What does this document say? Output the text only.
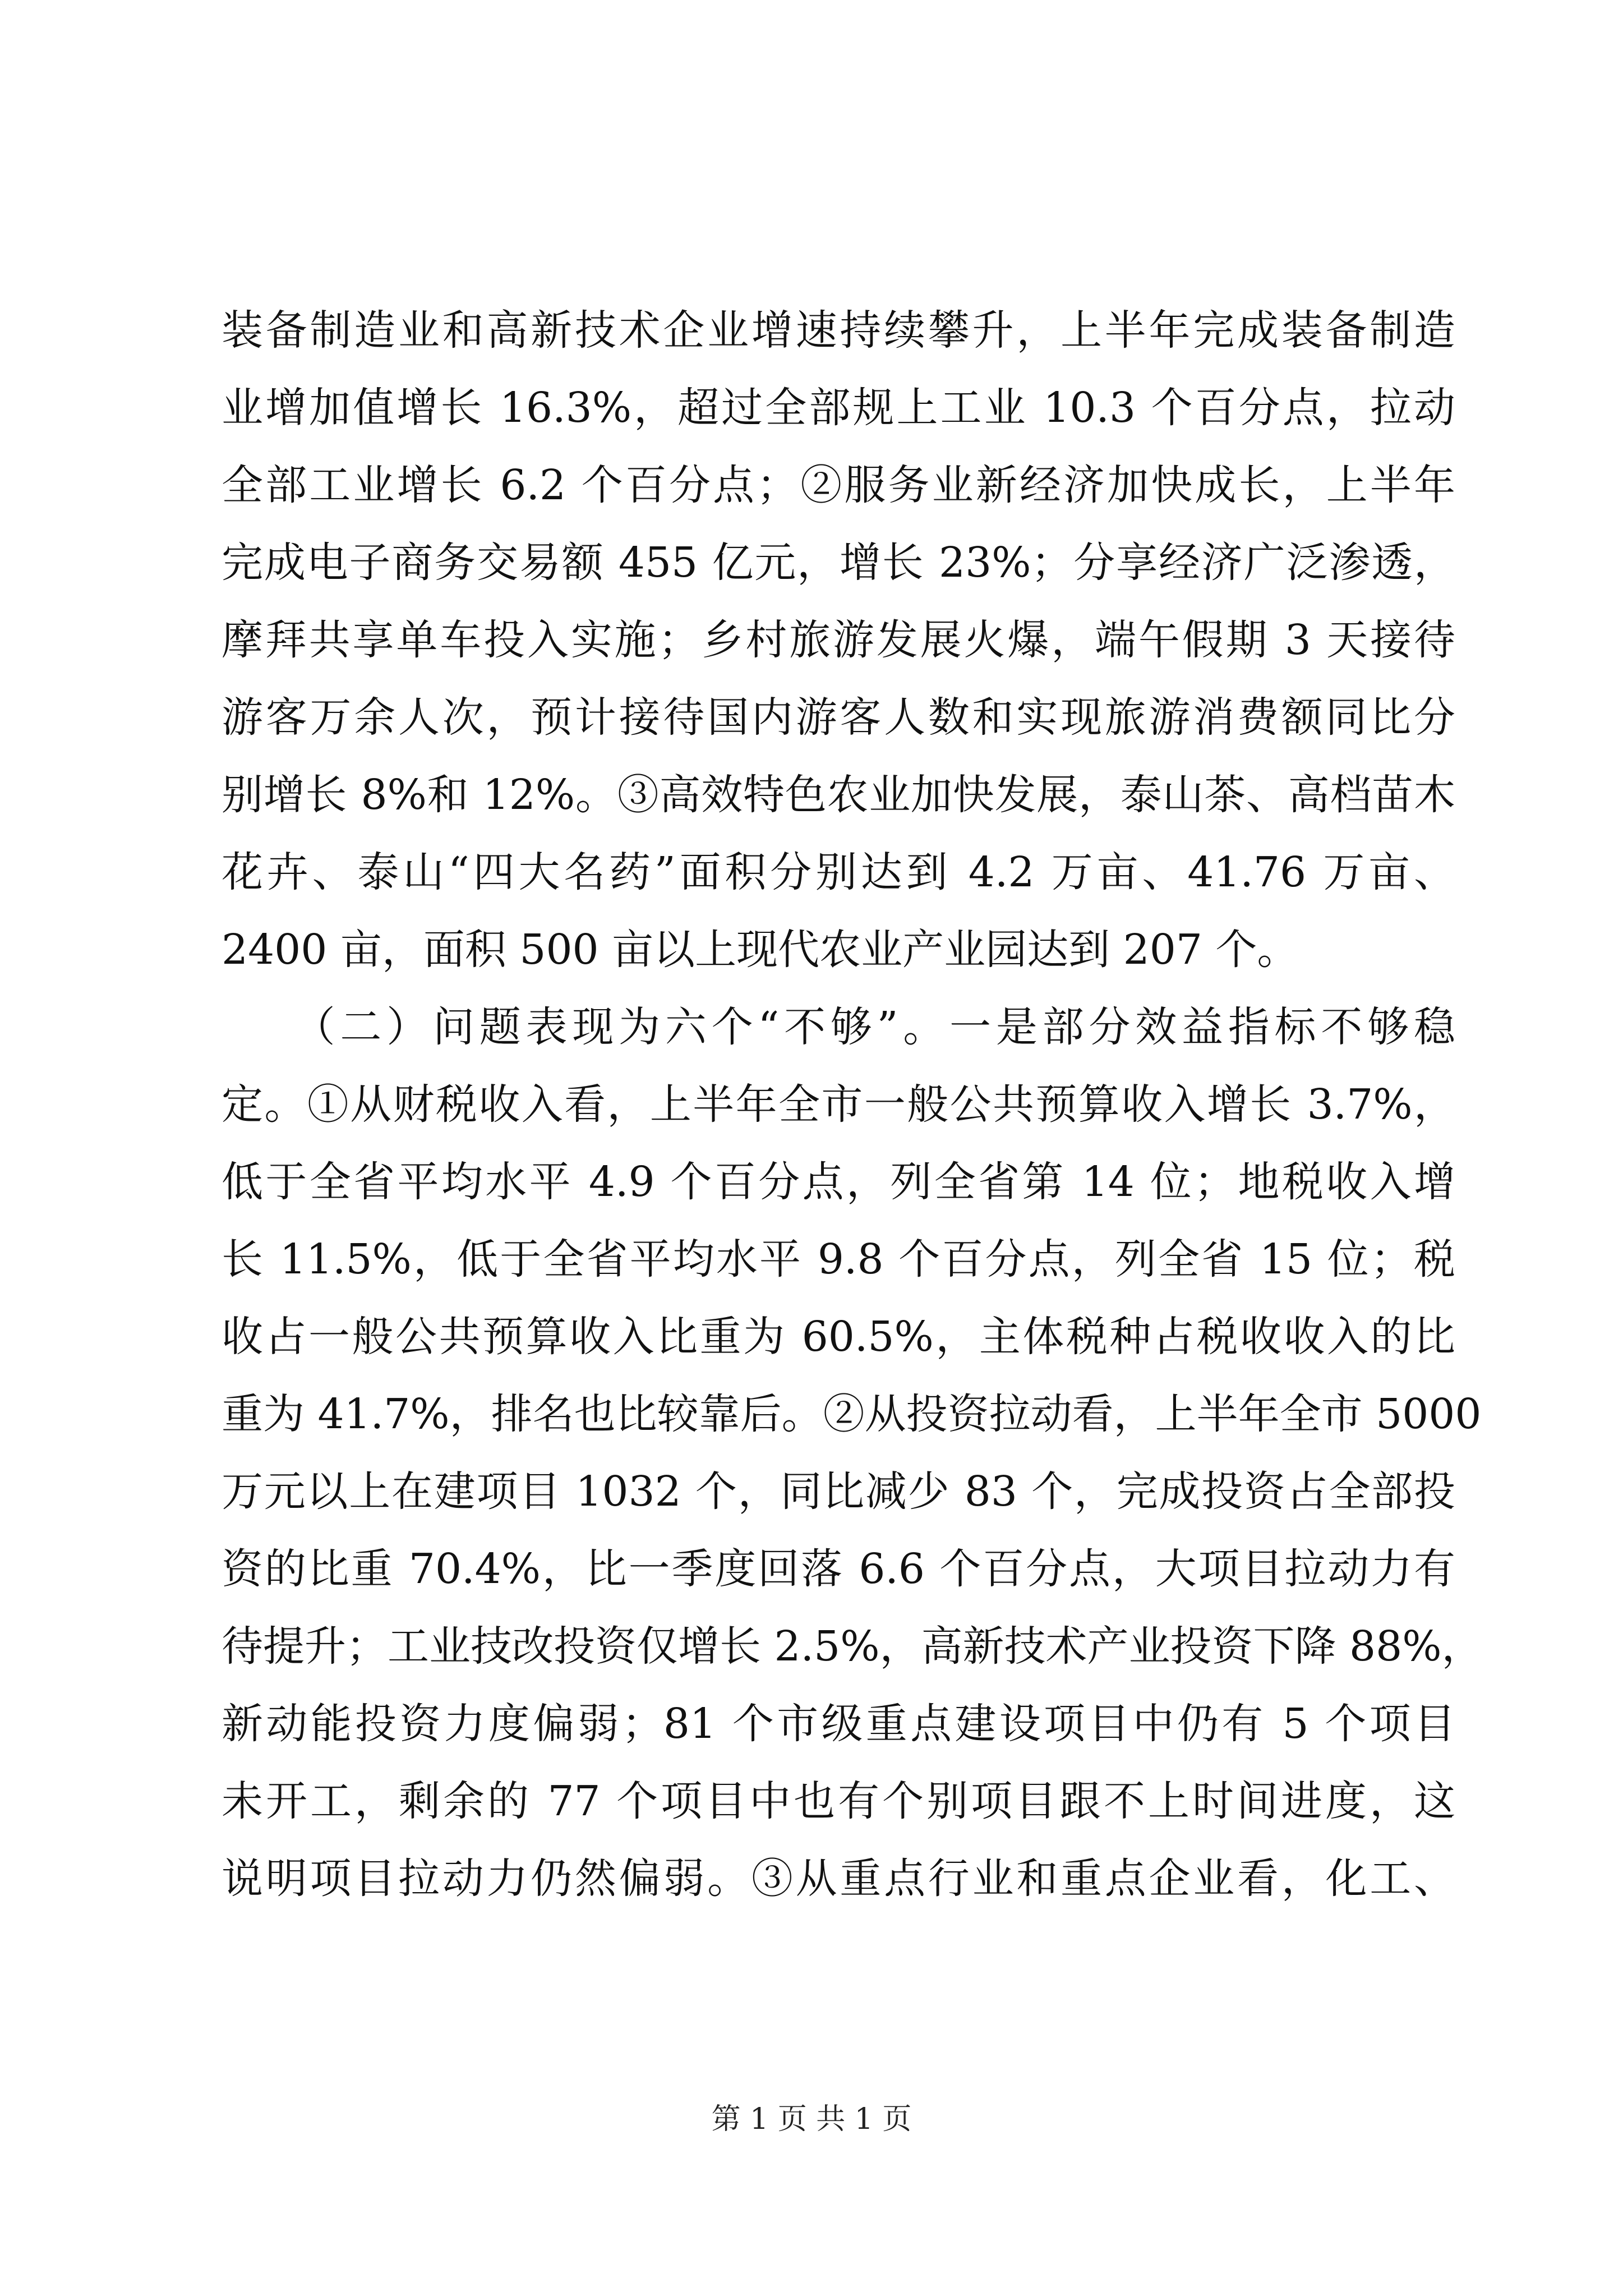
装备制造业和高新技术企业增速持续攀升，上半年完成装备制造
业增加值增长 16.3%，超过全部规上工业 10.3 个百分点，拉动
全部工业增长 6.2 个百分点；②服务业新经济加快成长，上半年
完成电子商务交易额 455 亿元，增长 23%；分享经济广泛渗透，
摩拜共享单车投入实施；乡村旅游发展火爆，端午假期 3 天接待
游客万余人次，预计接待国内游客人数和实现旅游消费额同比分
别增长 8%和 12%。③高效特色农业加快发展，泰山茶、高档苗木
花卉、泰山“四大名药”面积分别达到 4.2 万亩、41.76 万亩、
2400 亩，面积 500 亩以上现代农业产业园达到 207 个。
　　（二）问题表现为六个“不够”。一是部分效益指标不够稳
定。①从财税收入看，上半年全市一般公共预算收入增长 3.7%，
低于全省平均水平 4.9 个百分点，列全省第 14 位；地税收入增
长 11.5%，低于全省平均水平 9.8 个百分点，列全省 15 位；税
收占一般公共预算收入比重为 60.5%，主体税种占税收收入的比
重为 41.7%，排名也比较靠后。②从投资拉动看，上半年全市 5000
万元以上在建项目 1032 个，同比减少 83 个，完成投资占全部投
资的比重 70.4%，比一季度回落 6.6 个百分点，大项目拉动力有
待提升；工业技改投资仅增长 2.5%，高新技术产业投资下降 88%，
新动能投资力度偏弱；81 个市级重点建设项目中仍有 5 个项目
未开工，剩余的 77 个项目中也有个别项目跟不上时间进度，这
说明项目拉动力仍然偏弱。③从重点行业和重点企业看，化工、
第 1 页 共 1 页
